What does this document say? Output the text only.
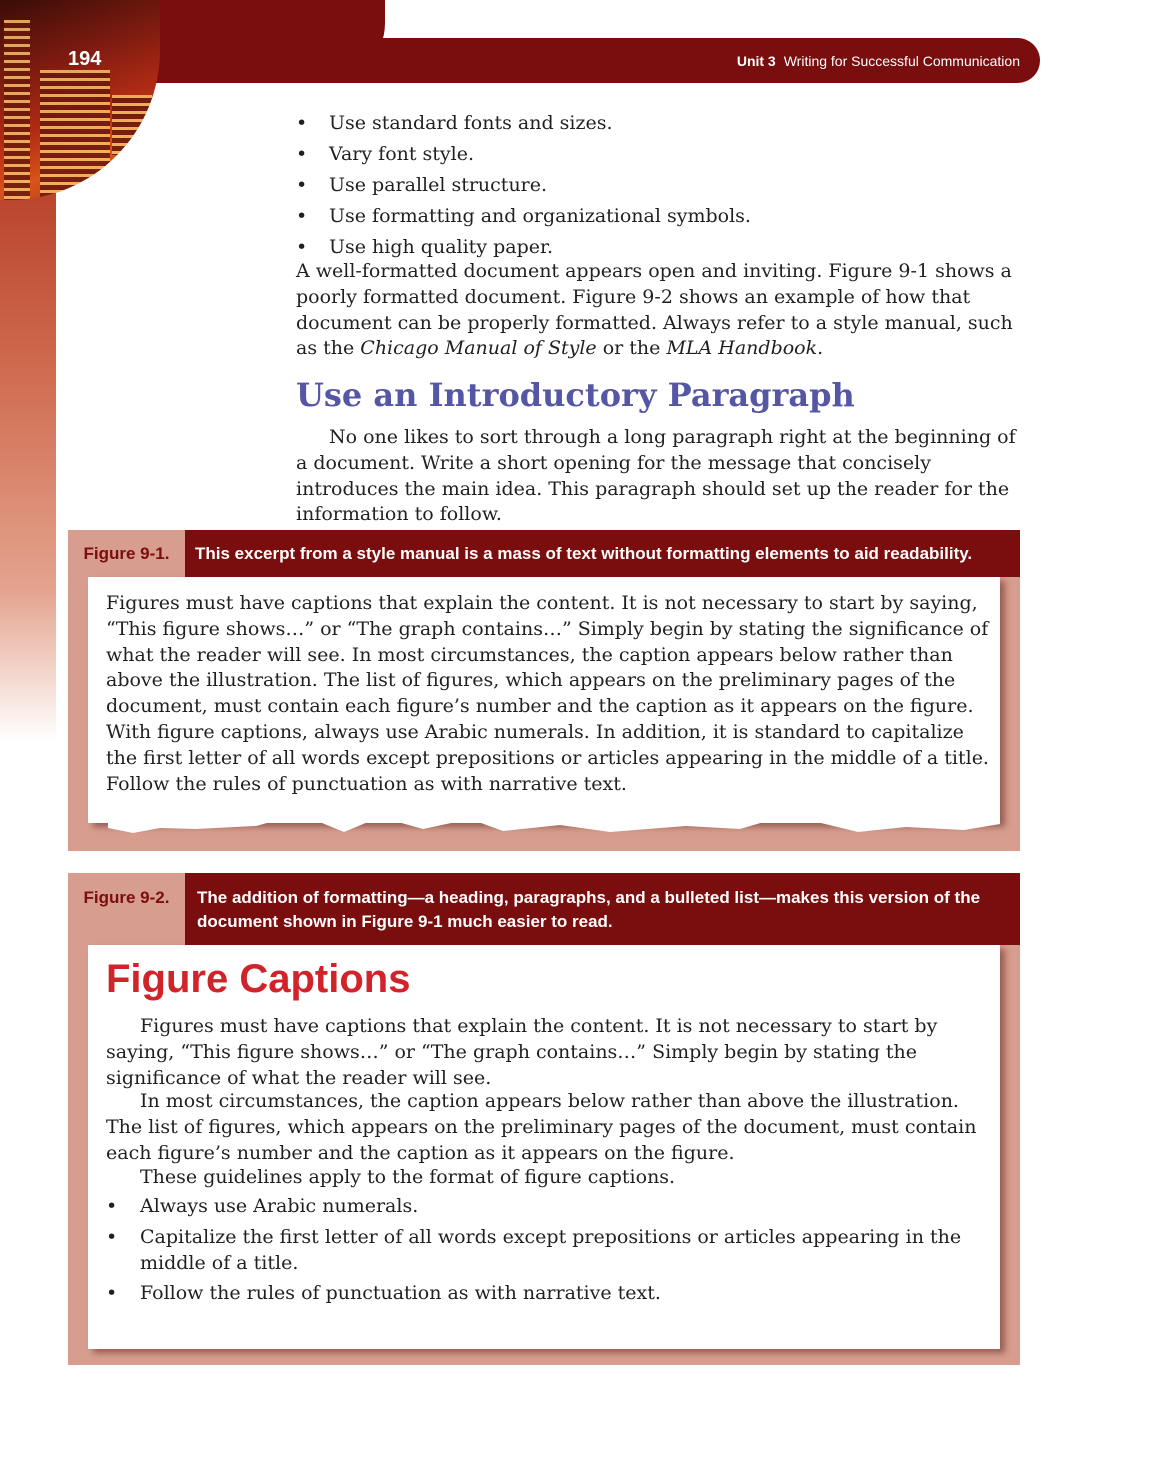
194	Unit 3 Writing for Successful Communication
• Use standard fonts and sizes.
• Vary font style.
• Use parallel structure.
• Use formatting and organizational symbols.
• Use high quality paper.

A well-formatted document appears open and inviting. Figure 9-1 shows a poorly formatted document. Figure 9-2 shows an example of how that document can be properly formatted. Always refer to a style manual, such as the Chicago Manual of Style or the MLA Handbook.

Use an Introductory Paragraph

No one likes to sort through a long paragraph right at the beginning of a document. Write a short opening for the message that concisely introduces the main idea. This paragraph should set up the reader for the information to follow.

Figure 9-1.	This excerpt from a style manual is a mass of text without formatting elements to aid readability.

Figures must have captions that explain the content. It is not necessary to start by saying, “This figure shows…” or “The graph contains…” Simply begin by stating the significance of what the reader will see. In most circumstances, the caption appears below rather than above the illustration. The list of figures, which appears on the preliminary pages of the document, must contain each figure’s number and the caption as it appears on the figure. With figure captions, always use Arabic numerals. In addition, it is standard to capitalize the first letter of all words except prepositions or articles appearing in the middle of a title. Follow the rules of punctuation as with narrative text.

Figure 9-2.	The addition of formatting—a heading, paragraphs, and a bulleted list—makes this version of the document shown in Figure 9-1 much easier to read.
Figure Captions

Figures must have captions that explain the content. It is not necessary to start by saying, “This figure shows…” or “The graph contains…” Simply begin by stating the significance of what the reader will see.

In most circumstances, the caption appears below rather than above the illustration. The list of figures, which appears on the preliminary pages of the document, must contain each figure’s number and the caption as it appears on the figure.

These guidelines apply to the format of figure captions.

• Always use Arabic numerals.
• Capitalize the first letter of all words except prepositions or articles appearing in the middle of a title.
• Follow the rules of punctuation as with narrative text.
